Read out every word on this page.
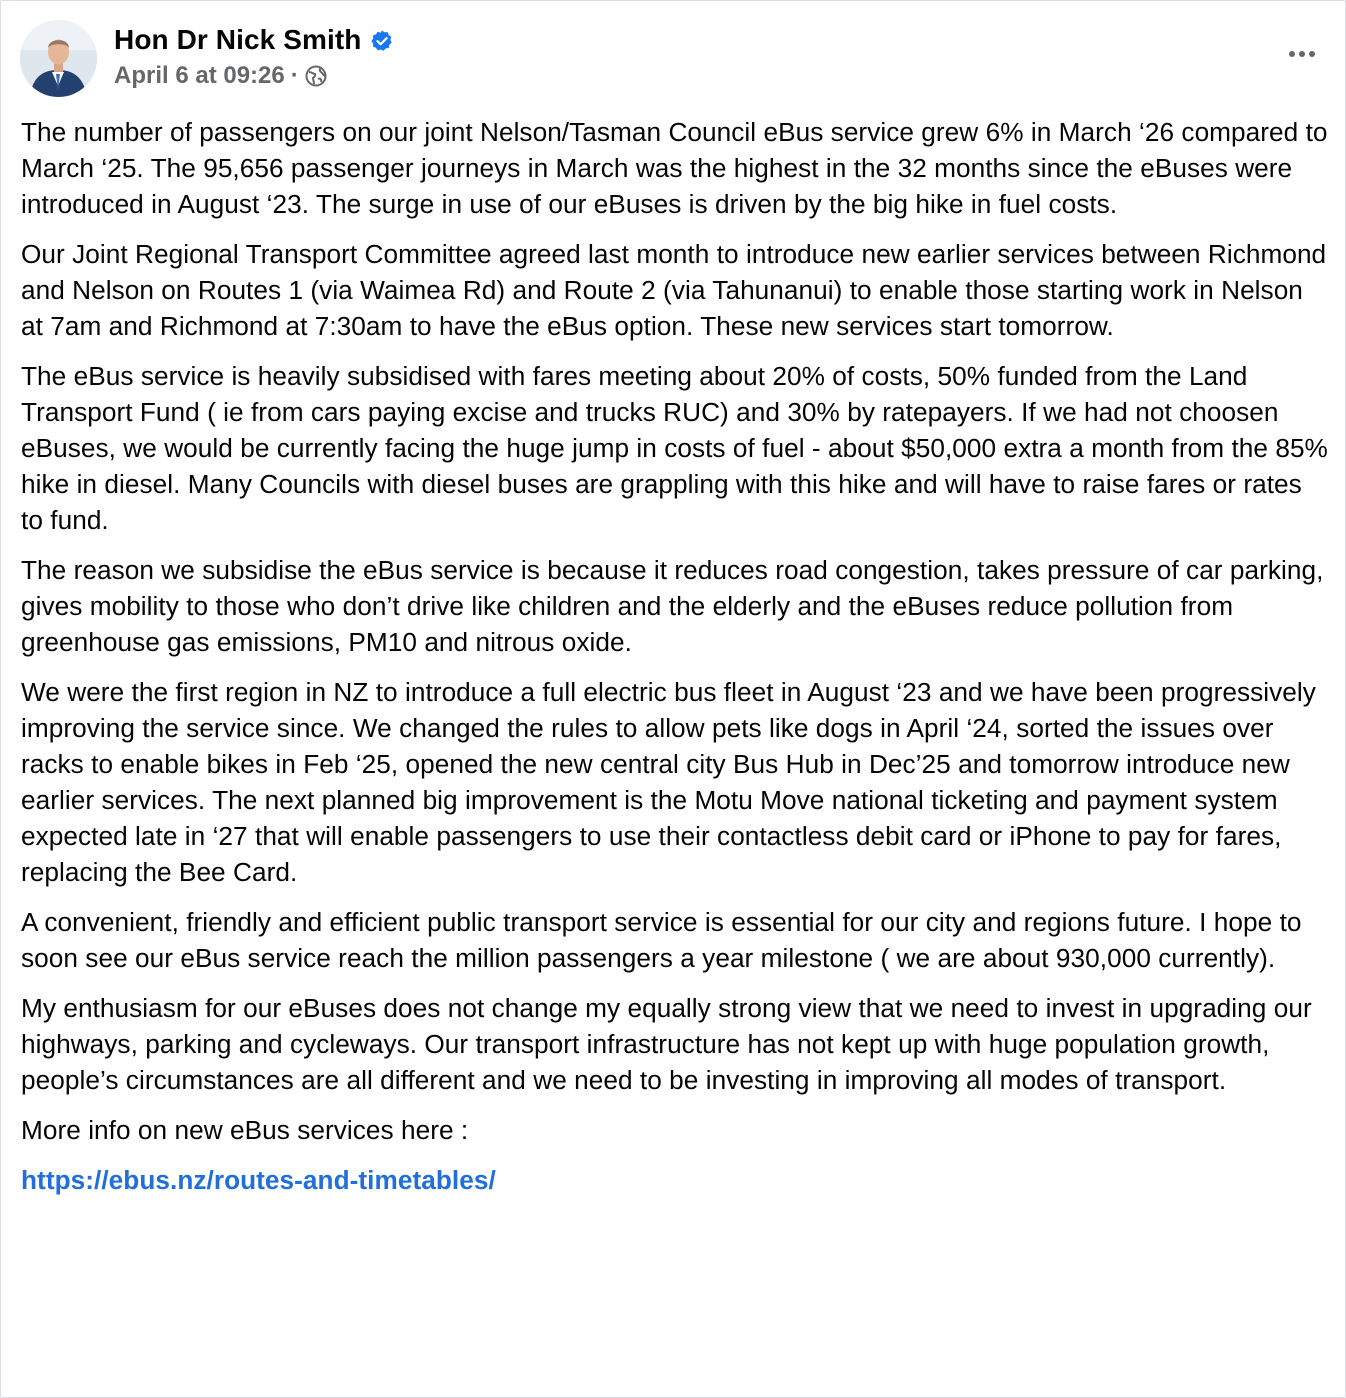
Hon Dr Nick Smith
April 6 at 09:26 ·

The number of passengers on our joint Nelson/Tasman Council eBus service grew 6% in March ‘26 compared to March ‘25. The 95,656 passenger journeys in March was the highest in the 32 months since the eBuses were introduced in August ‘23. The surge in use of our eBuses is driven by the big hike in fuel costs.

Our Joint Regional Transport Committee agreed last month to introduce new earlier services between Richmond and Nelson on Routes 1 (via Waimea Rd) and Route 2 (via Tahunanui) to enable those starting work in Nelson at 7am and Richmond at 7:30am to have the eBus option. These new services start tomorrow.

The eBus service is heavily subsidised with fares meeting about 20% of costs, 50% funded from the Land Transport Fund ( ie from cars paying excise and trucks RUC) and 30% by ratepayers. If we had not choosen eBuses, we would be currently facing the huge jump in costs of fuel - about $50,000 extra a month from the 85% hike in diesel. Many Councils with diesel buses are grappling with this hike and will have to raise fares or rates to fund.

The reason we subsidise the eBus service is because it reduces road congestion, takes pressure of car parking, gives mobility to those who don’t drive like children and the elderly and the eBuses reduce pollution from greenhouse gas emissions, PM10 and nitrous oxide.

We were the first region in NZ to introduce a full electric bus fleet in August ‘23 and we have been progressively improving the service since. We changed the rules to allow pets like dogs in April ‘24, sorted the issues over racks to enable bikes in Feb ‘25, opened the new central city Bus Hub in Dec’25 and tomorrow introduce new earlier services. The next planned big improvement is the Motu Move national ticketing and payment system expected late in ‘27 that will enable passengers to use their contactless debit card or iPhone to pay for fares, replacing the Bee Card.

A convenient, friendly and efficient public transport service is essential for our city and regions future. I hope to soon see our eBus service reach the million passengers a year milestone ( we are about 930,000 currently).

My enthusiasm for our eBuses does not change my equally strong view that we need to invest in upgrading our highways, parking and cycleways. Our transport infrastructure has not kept up with huge population growth, people’s circumstances are all different and we need to be investing in improving all modes of transport.

More info on new eBus services here :

https://ebus.nz/routes-and-timetables/
